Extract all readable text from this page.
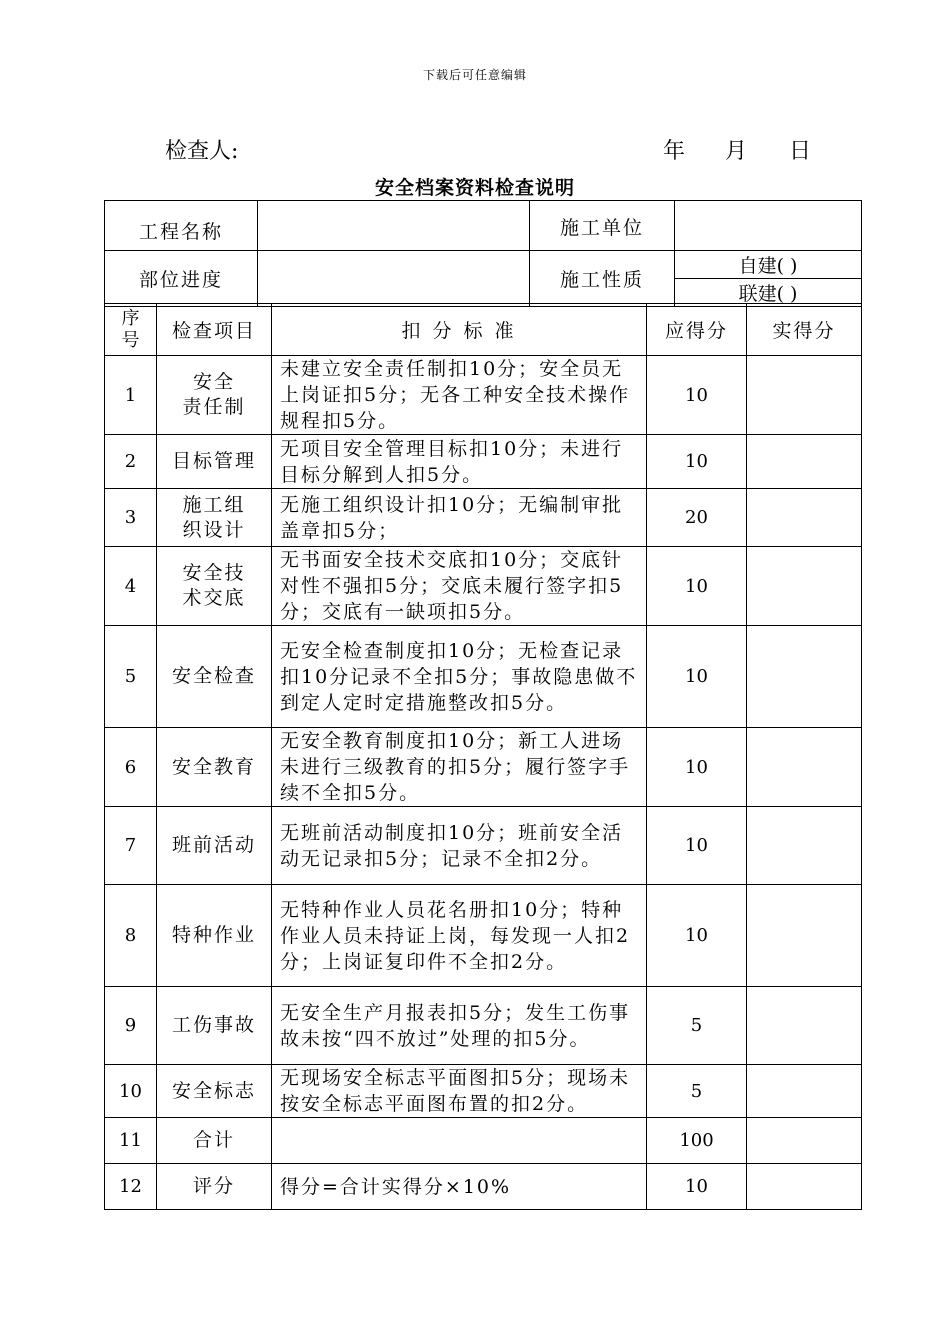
下载后可任意编辑
检查人:	年 月 日
安全档案资料检查说明
工程名称		施工单位	
部位进度		施工性质	
自建( )
联建( )
序号	检查项目	扣 分 标 准	应得分	实得分
1	安全
责任制	未建立安全责任制扣10分；安全员无上岗证扣5分；无各工种安全技术操作规程扣5分。	10	
2	目标管理	无项目安全管理目标扣10分；未进行目标分解到人扣5分。	10	
3	施工组
织设计	无施工组织设计扣10分；无编制审批盖章扣5分；	20	
4	安全技
术交底	无书面安全技术交底扣10分；交底针对性不强扣5分；交底未履行签字扣5分；交底有一缺项扣5分。	10	
5	安全检查	无安全检查制度扣10分；无检查记录扣10分记录不全扣5分；事故隐患做不到定人定时定措施整改扣5分。	10	
6	安全教育	无安全教育制度扣10分；新工人进场未进行三级教育的扣5分；履行签字手续不全扣5分。	10	
7	班前活动	无班前活动制度扣10分；班前安全活动无记录扣5分；记录不全扣2分。	10	
8	特种作业	无特种作业人员花名册扣10分；特种作业人员未持证上岗，每发现一人扣2分；上岗证复印件不全扣2分。	10	
9	工伤事故	无安全生产月报表扣5分；发生工伤事故未按“四不放过”处理的扣5分。	5	
10	安全标志	无现场安全标志平面图扣5分；现场未按安全标志平面图布置的扣2分。	5	
11	合计		100	
12	评分	得分=合计实得分×10%	10	
